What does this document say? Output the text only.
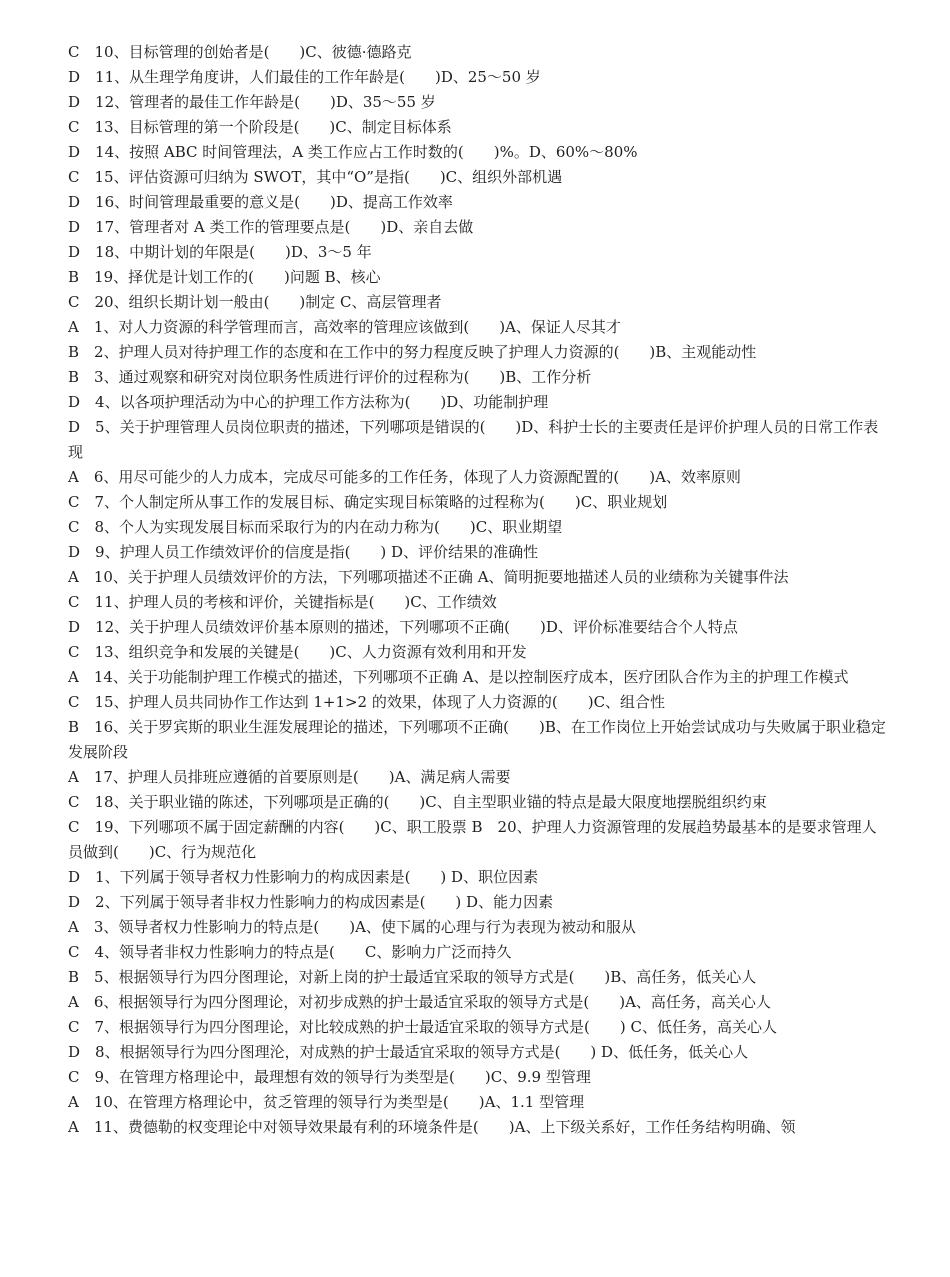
C　10、目标管理的创始者是(　　)C、彼德·德路克
D　11、从生理学角度讲，人们最佳的工作年龄是(　　)D、25～50 岁
D　12、管理者的最佳工作年龄是(　　)D、35～55 岁
C　13、目标管理的第一个阶段是(　　)C、制定目标体系
D　14、按照 ABC 时间管理法，A 类工作应占工作时数的(　　)%。D、60%～80%
C　15、评估资源可归纳为 SWOT，其中“O”是指(　　)C、组织外部机遇
D　16、时间管理最重要的意义是(　　)D、提高工作效率
D　17、管理者对 A 类工作的管理要点是(　　)D、亲自去做
D　18、中期计划的年限是(　　)D、3～5 年
B　19、择优是计划工作的(　　)问题 B、核心
C　20、组织长期计划一般由(　　)制定 C、高层管理者
A　1、对人力资源的科学管理而言，高效率的管理应该做到(　　)A、保证人尽其才
B　2、护理人员对待护理工作的态度和在工作中的努力程度反映了护理人力资源的(　　)B、主观能动性
B　3、通过观察和研究对岗位职务性质进行评价的过程称为(　　)B、工作分析
D　4、以各项护理活动为中心的护理工作方法称为(　　)D、功能制护理
D　5、关于护理管理人员岗位职责的描述，下列哪项是错误的(　　)D、科护士长的主要责任是评价护理人员的日常工作表现
A　6、用尽可能少的人力成本，完成尽可能多的工作任务，体现了人力资源配置的(　　)A、效率原则
C　7、个人制定所从事工作的发展目标、确定实现目标策略的过程称为(　　)C、职业规划
C　8、个人为实现发展目标而采取行为的内在动力称为(　　)C、职业期望
D　9、护理人员工作绩效评价的信度是指(　　) D、评价结果的准确性
A　10、关于护理人员绩效评价的方法，下列哪项描述不正确 A、简明扼要地描述人员的业绩称为关键事件法
C　11、护理人员的考核和评价，关键指标是(　　)C、工作绩效
D　12、关于护理人员绩效评价基本原则的描述，下列哪项不正确(　　)D、评价标准要结合个人特点
C　13、组织竞争和发展的关键是(　　)C、人力资源有效利用和开发
A　14、关于功能制护理工作模式的描述，下列哪项不正确 A、是以控制医疗成本，医疗团队合作为主的护理工作模式
C　15、护理人员共同协作工作达到 1+1>2 的效果，体现了人力资源的(　　)C、组合性
B　16、关于罗宾斯的职业生涯发展理论的描述，下列哪项不正确(　　)B、在工作岗位上开始尝试成功与失败属于职业稳定发展阶段
A　17、护理人员排班应遵循的首要原则是(　　)A、满足病人需要
C　18、关于职业锚的陈述，下列哪项是正确的(　　)C、自主型职业锚的特点是最大限度地摆脱组织约束
C　19、下列哪项不属于固定薪酬的内容(　　)C、职工股票 B　20、护理人力资源管理的发展趋势最基本的是要求管理人员做到(　　)C、行为规范化
D　1、下列属于领导者权力性影响力的构成因素是(　　) D、职位因素
D　2、下列属于领导者非权力性影响力的构成因素是(　　) D、能力因素
A　3、领导者权力性影响力的特点是(　　)A、使下属的心理与行为表现为被动和服从
C　4、领导者非权力性影响力的特点是(　　C、影响力广泛而持久
B　5、根据领导行为四分图理论，对新上岗的护士最适宜采取的领导方式是(　　)B、高任务，低关心人
A　6、根据领导行为四分图理论，对初步成熟的护士最适宜采取的领导方式是(　　)A、高任务，高关心人
C　7、根据领导行为四分图理论，对比较成熟的护士最适宜采取的领导方式是(　　) C、低任务，高关心人
D　8、根据领导行为四分图理沦，对成熟的护士最适宜采取的领导方式是(　　) D、低任务，低关心人
C　9、在管理方格理论中，最理想有效的领导行为类型是(　　)C、9.9 型管理
A　10、在管理方格理论中，贫乏管理的领导行为类型是(　　)A、1.1 型管理
A　11、费德勒的权变理论中对领导效果最有利的环境条件是(　　)A、上下级关系好，工作任务结构明确、领
